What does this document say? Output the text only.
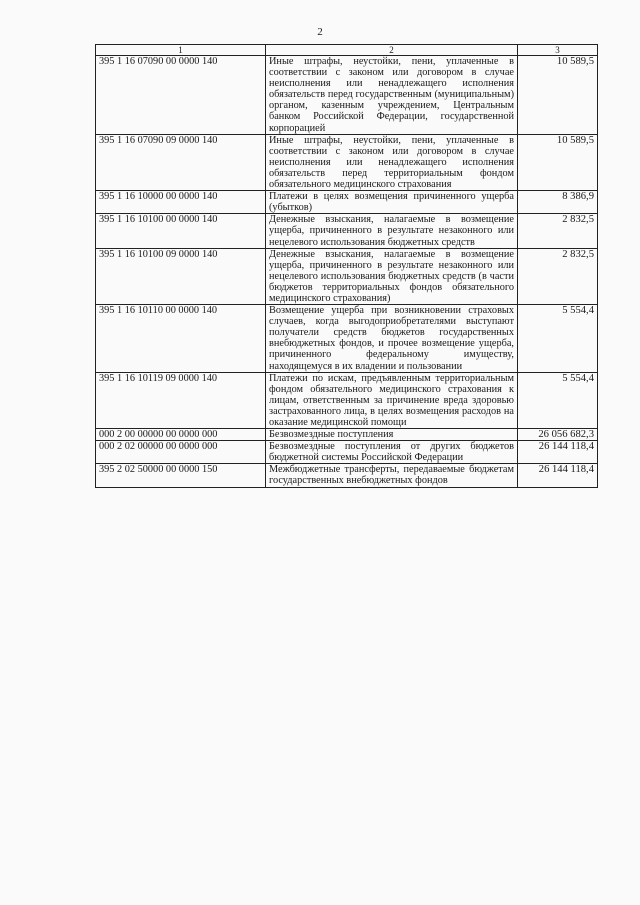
2
1	2	3
395 1 16 07090 00 0000 140	Иные штрафы, неустойки, пени, уплаченные в соответствии с законом или договором в случае неисполнения или ненадлежащего исполнения обязательств перед государственным (муниципальным) органом, казенным учреждением, Центральным банком Российской Федерации, государственной корпорацией	10 589,5
395 1 16 07090 09 0000 140	Иные штрафы, неустойки, пени, уплаченные в соответствии с законом или договором в случае неисполнения или ненадлежащего исполнения обязательств перед территориальным фондом обязательного медицинского страхования	10 589,5
395 1 16 10000 00 0000 140	Платежи в целях возмещения причиненного ущерба (убытков)	8 386,9
395 1 16 10100 00 0000 140	Денежные взыскания, налагаемые в возмещение ущерба, причиненного в результате незаконного или нецелевого использования бюджетных средств	2 832,5
395 1 16 10100 09 0000 140	Денежные взыскания, налагаемые в возмещение ущерба, причиненного в результате незаконного или нецелевого использования бюджетных средств (в части бюджетов территориальных фондов обязательного медицинского страхования)	2 832,5
395 1 16 10110 00 0000 140	Возмещение ущерба при возникновении страховых случаев, когда выгодоприобретателями выступают получатели средств бюджетов государственных внебюджетных фондов, и прочее возмещение ущерба, причиненного федеральному имуществу, находящемуся в их владении и пользовании	5 554,4
395 1 16 10119 09 0000 140	Платежи по искам, предъявленным территориальным фондом обязательного медицинского страхования к лицам, ответственным за причинение вреда здоровью застрахованного лица, в целях возмещения расходов на оказание медицинской помощи	5 554,4
000 2 00 00000 00 0000 000	Безвозмездные поступления	26 056 682,3
000 2 02 00000 00 0000 000	Безвозмездные поступления от других бюджетов бюджетной системы Российской Федерации	26 144 118,4
395 2 02 50000 00 0000 150	Межбюджетные трансферты, передаваемые бюджетам государственных внебюджетных фондов	26 144 118,4
